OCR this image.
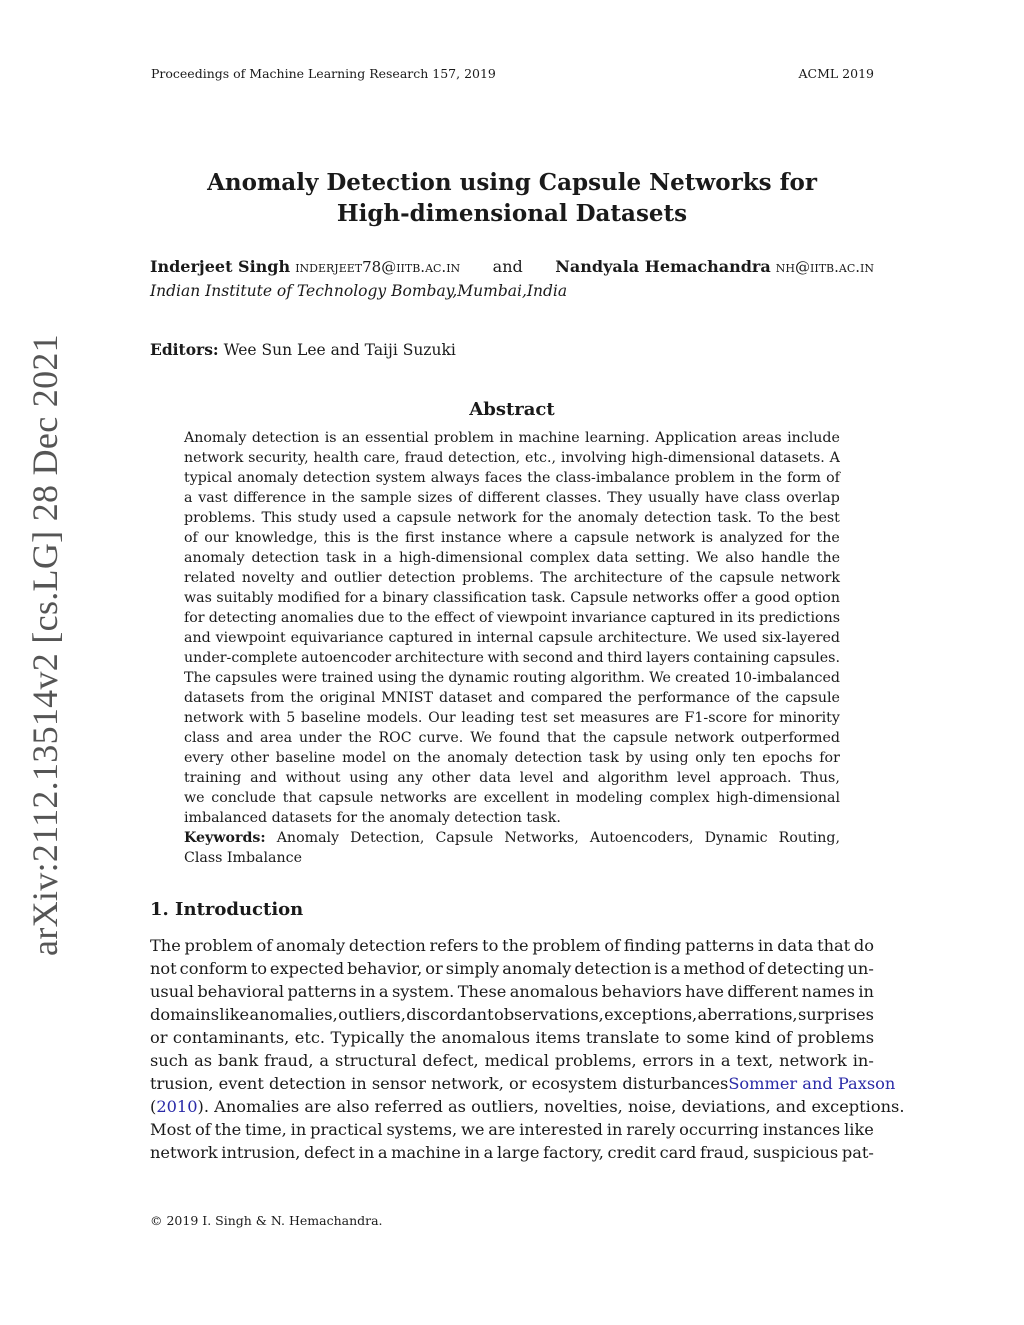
Proceedings of Machine Learning Research 157, 2019	ACML 2019
arXiv:2112.13514v2 [cs.LG] 28 Dec 2021
Anomaly Detection using Capsule Networks for
High-dimensional Datasets
Inderjeet Singh inderjeet78@iitb.ac.in and Nandyala Hemachandra nh@iitb.ac.in
Indian Institute of Technology Bombay,Mumbai,India
Editors: Wee Sun Lee and Taiji Suzuki
Abstract
Anomaly detection is an essential problem in machine learning. Application areas include
network security, health care, fraud detection, etc., involving high-dimensional datasets. A
typical anomaly detection system always faces the class-imbalance problem in the form of
a vast difference in the sample sizes of different classes. They usually have class overlap
problems. This study used a capsule network for the anomaly detection task. To the best
of our knowledge, this is the first instance where a capsule network is analyzed for the
anomaly detection task in a high-dimensional complex data setting. We also handle the
related novelty and outlier detection problems. The architecture of the capsule network
was suitably modified for a binary classification task. Capsule networks offer a good option
for detecting anomalies due to the effect of viewpoint invariance captured in its predictions
and viewpoint equivariance captured in internal capsule architecture. We used six-layered
under-complete autoencoder architecture with second and third layers containing capsules.
The capsules were trained using the dynamic routing algorithm. We created 10-imbalanced
datasets from the original MNIST dataset and compared the performance of the capsule
network with 5 baseline models. Our leading test set measures are F1-score for minority
class and area under the ROC curve. We found that the capsule network outperformed
every other baseline model on the anomaly detection task by using only ten epochs for
training and without using any other data level and algorithm level approach. Thus,
we conclude that capsule networks are excellent in modeling complex high-dimensional
imbalanced datasets for the anomaly detection task.
Keywords: Anomaly Detection, Capsule Networks, Autoencoders, Dynamic Routing,
Class Imbalance
1. Introduction
The problem of anomaly detection refers to the problem of finding patterns in data that do
not conform to expected behavior, or simply anomaly detection is a method of detecting un-
usual behavioral patterns in a system. These anomalous behaviors have different names in
domains like anomalies, outliers, discordant observations, exceptions, aberrations, surprises
or contaminants, etc. Typically the anomalous items translate to some kind of problems
such as bank fraud, a structural defect, medical problems, errors in a text, network in-
trusion, event detection in sensor network, or ecosystem disturbances Sommer and Paxson
(2010 ). Anomalies are also referred as outliers, novelties, noise, deviations, and exceptions.
Most of the time, in practical systems, we are interested in rarely occurring instances like
network intrusion, defect in a machine in a large factory, credit card fraud, suspicious pat-
© 2019 I. Singh & N. Hemachandra.
